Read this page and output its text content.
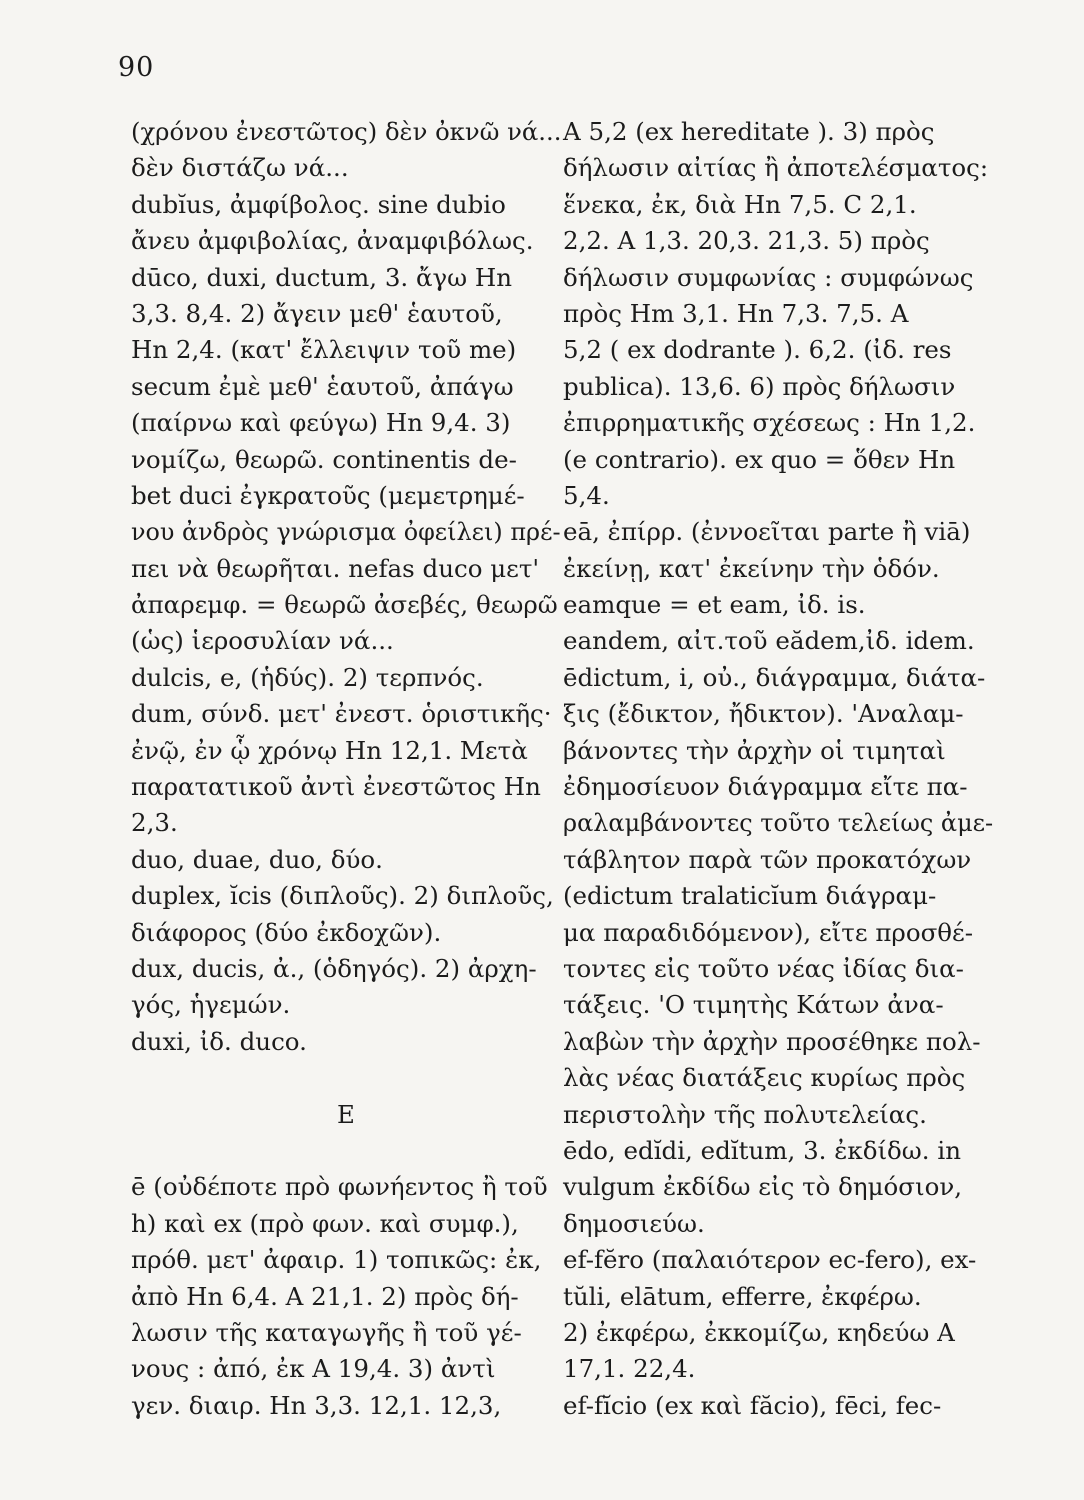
90
(χρόνου ἐνεστῶτος) δὲν ὀκνῶ νά...
δὲν διστάζω νά...
dubĭus, ἀμφίβολος. sine dubio
ἄνευ ἀμφιβολίας, ἀναμφιβόλως.
dūco, duxi, ductum, 3. ἄγω Hn
3,3. 8,4. 2) ἄγειν μεθ' ἑαυτοῦ,
Hn 2,4. (κατ' ἔλλειψιν τοῦ me)
secum ἐμὲ μεθ' ἑαυτοῦ, ἀπάγω
(παίρνω καὶ φεύγω) Hn 9,4. 3)
νομίζω, θεωρῶ. continentis de-
bet duci ἐγκρατοῦς (μεμετρημέ-
νου ἀνδρὸς γνώρισμα ὀφείλει) πρέ-
πει νὰ θεωρῆται. nefas duco μετ'
ἀπαρεμφ. = θεωρῶ ἀσεβές, θεωρῶ
(ὡς) ἱεροσυλίαν νά...
dulcis, e, (ἡδύς). 2) τερπνός.
dum, σύνδ. μετ' ἐνεστ. ὁριστικῆς·
ἐνῷ, ἐν ᾧ χρόνῳ Hn 12,1. Μετὰ
παρατατικοῦ ἀντὶ ἐνεστῶτος Hn
2,3.
duo, duae, duo, δύο.
duplex, ĭcis (διπλοῦς). 2) διπλοῦς,
διάφορος (δύο ἐκδοχῶν).
dux, ducis, ἀ., (ὁδηγός). 2) ἀρχη-
γός, ἡγεμών.
duxi, ἰδ. duco.
E
ē (οὐδέποτε πρὸ φωνήεντος ἢ τοῦ
h) καὶ ex (πρὸ φων. καὶ συμφ.),
πρόθ. μετ' ἀφαιρ. 1) τοπικῶς: ἐκ,
ἀπὸ Hn 6,4. A 21,1. 2) πρὸς δή-
λωσιν τῆς καταγωγῆς ἢ τοῦ γέ-
νους : ἀπό, ἐκ A 19,4. 3) ἀντὶ
γεν. διαιρ. Hn 3,3. 12,1. 12,3,
A 5,2 (ex hereditate ). 3) πρὸς
δήλωσιν αἰτίας ἢ ἀποτελέσματος:
ἕνεκα, ἐκ, διὰ Hn 7,5. C 2,1.
2,2. A 1,3. 20,3. 21,3. 5) πρὸς
δήλωσιν συμφωνίας : συμφώνως
πρὸς Hm 3,1. Hn 7,3. 7,5. A
5,2 ( ex dodrante ). 6,2. (ἰδ. res
publica). 13,6. 6) πρὸς δήλωσιν
ἐπιρρηματικῆς σχέσεως : Hn 1,2.
(e contrario). ex quo = ὅθεν Hn
5,4.
eā, ἐπίρρ. (ἐννοεῖται parte ἢ viā)
ἐκείνῃ, κατ' ἐκείνην τὴν ὁδόν.
eamque = et eam, ἰδ. is.
eandem, αἰτ.τοῦ eădem,ἰδ. idem.
ēdictum, i, οὐ., διάγραμμα, διάτα-
ξις (ἔδικτον, ἤδικτον). 'Αναλαμ-
βάνοντες τὴν ἀρχὴν οἱ τιμηταὶ
ἐδημοσίευον διάγραμμα εἴτε πα-
ραλαμβάνοντες τοῦτο τελείως ἀμε-
τάβλητον παρὰ τῶν προκατόχων
(edictum tralaticĭum διάγραμ-
μα παραδιδόμενον), εἴτε προσθέ-
τοντες εἰς τοῦτο νέας ἰδίας δια-
τάξεις. 'Ο τιμητὴς Κάτων ἀνα-
λαβὼν τὴν ἀρχὴν προσέθηκε πολ-
λὰς νέας διατάξεις κυρίως πρὸς
περιστολὴν τῆς πολυτελείας.
ēdo, edĭdi, edĭtum, 3. ἐκδίδω. in
vulgum ἐκδίδω εἰς τὸ δημόσιον,
δημοσιεύω.
ef-fĕro (παλαιότερον ec-fero), ex-
tŭli, elātum, efferre, ἐκφέρω.
2) ἐκφέρω, ἐκκομίζω, κηδεύω A
17,1. 22,4.
ef-fĭcio (ex καὶ făcio), fēci, fec-
